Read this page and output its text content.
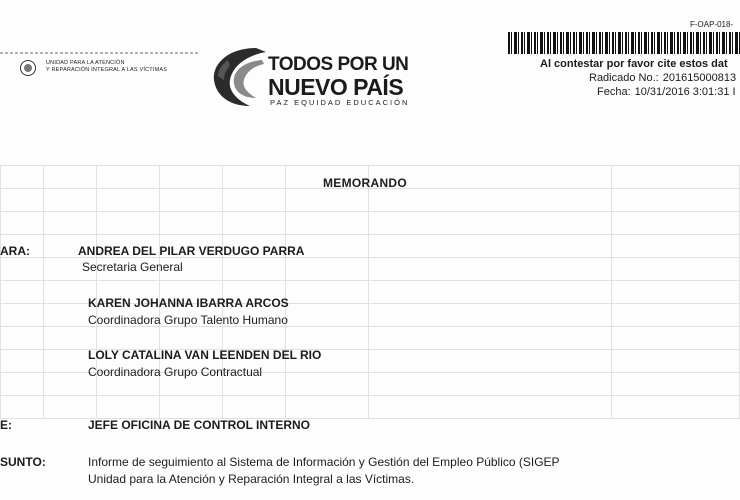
UNIDAD PARA LA ATENCIÓN
Y REPARACIÓN INTEGRAL A LAS VÍCTIMAS	TODOS POR UN
NUEVO PAÍS
PAZ EQUIDAD EDUCACIÓN
F-OAP-018-
Al contestar por favor cite estos dat
Radicado No.: 201615000813
Fecha: 10/31/2016 3:01:31 I
MEMORANDO
ARA:	ANDREA DEL PILAR VERDUGO PARRA
Secretaria General
KAREN JOHANNA IBARRA ARCOS
Coordinadora Grupo Talento Humano
LOLY CATALINA VAN LEENDEN DEL RIO
Coordinadora Grupo Contractual
E:	JEFE OFICINA DE CONTROL INTERNO
SUNTO:	Informe de seguimiento al Sistema de Información y Gestión del Empleo Público (SIGEP
Unidad para la Atención y Reparación Integral a las Víctimas.
